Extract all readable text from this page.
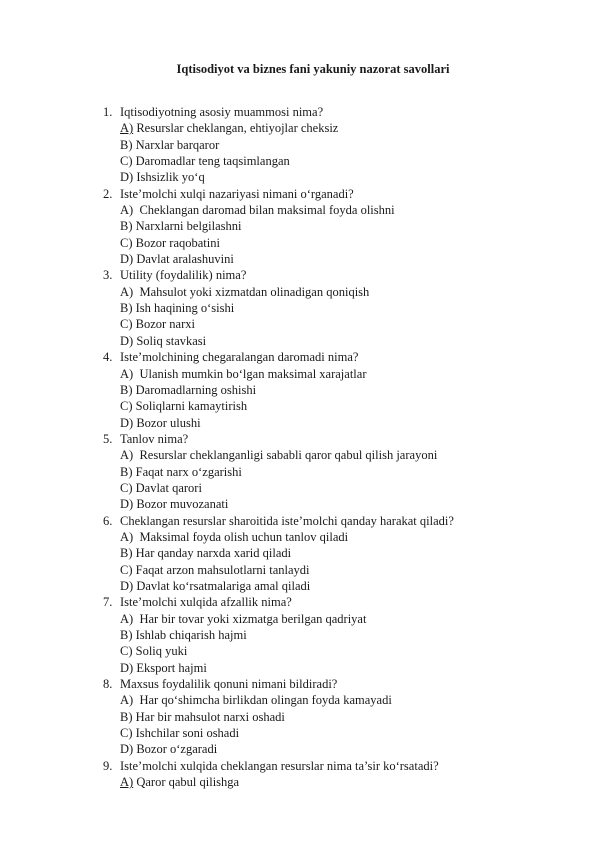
Iqtisodiyot va biznes fani yakuniy nazorat savollari
1. Iqtisodiyotning asosiy muammosi nima?
A) Resurslar cheklangan, ehtiyojlar cheksiz
B) Narxlar barqaror
C) Daromadlar teng taqsimlangan
D) Ishsizlik yo‘q
2. Iste’molchi xulqi nazariyasi nimani o‘rganadi?
A)  Cheklangan daromad bilan maksimal foyda olishni
B) Narxlarni belgilashni
C) Bozor raqobatini
D) Davlat aralashuvini
3. Utility (foydalilik) nima?
A)  Mahsulot yoki xizmatdan olinadigan qoniqish
B) Ish haqining o‘sishi
C) Bozor narxi
D) Soliq stavkasi
4. Iste’molchining chegaralangan daromadi nima?
A)  Ulanish mumkin bo‘lgan maksimal xarajatlar
B) Daromadlarning oshishi
C) Soliqlarni kamaytirish
D) Bozor ulushi
5. Tanlov nima?
A)  Resurslar cheklanganligi sababli qaror qabul qilish jarayoni
B) Faqat narx o‘zgarishi
C) Davlat qarori
D) Bozor muvozanati
6. Cheklangan resurslar sharoitida iste’molchi qanday harakat qiladi?
A)  Maksimal foyda olish uchun tanlov qiladi
B) Har qanday narxda xarid qiladi
C) Faqat arzon mahsulotlarni tanlaydi
D) Davlat ko‘rsatmalariga amal qiladi
7. Iste’molchi xulqida afzallik nima?
A)  Har bir tovar yoki xizmatga berilgan qadriyat
B) Ishlab chiqarish hajmi
C) Soliq yuki
D) Eksport hajmi
8. Maxsus foydalilik qonuni nimani bildiradi?
A)  Har qo‘shimcha birlikdan olingan foyda kamayadi
B) Har bir mahsulot narxi oshadi
C) Ishchilar soni oshadi
D) Bozor o‘zgaradi
9. Iste’molchi xulqida cheklangan resurslar nima ta’sir ko‘rsatadi?
A) Qaror qabul qilishga
